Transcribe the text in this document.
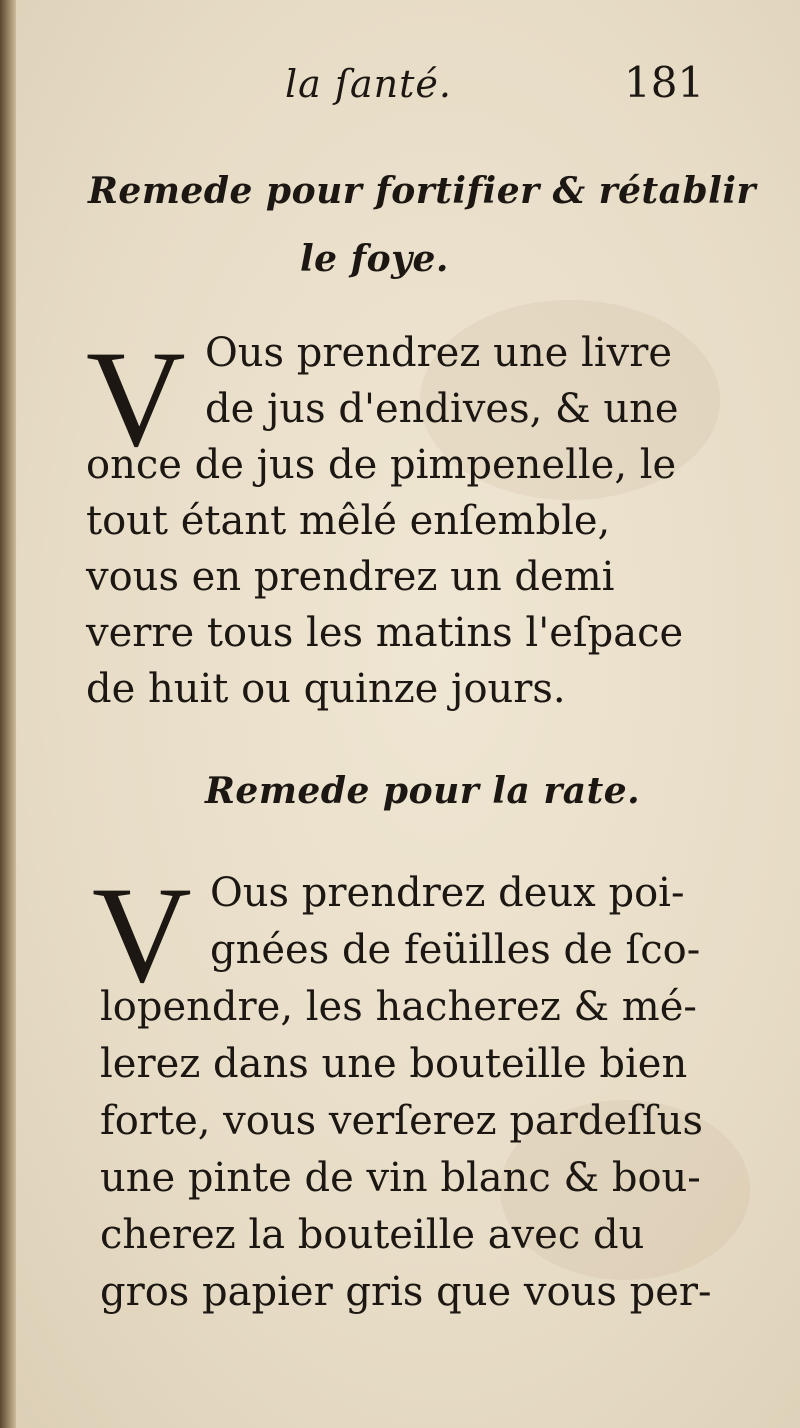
la ſanté.	181
Remede pour fortifier & rétablir
le foye.
V Ous prendrez une livre
de jus d'endives, & une
once de jus de pimpenelle, le
tout étant mêlé enſemble,
vous en prendrez un demi
verre tous les matins l'eſpace
de huit ou quinze jours.
Remede pour la rate.
V Ous prendrez deux poi-
gnées de feüilles de ſco-
lopendre, les hacherez & mé-
lerez dans une bouteille bien
forte, vous verſerez pardeſſus
une pinte de vin blanc & bou-
cherez la bouteille avec du
gros papier gris que vous per-
